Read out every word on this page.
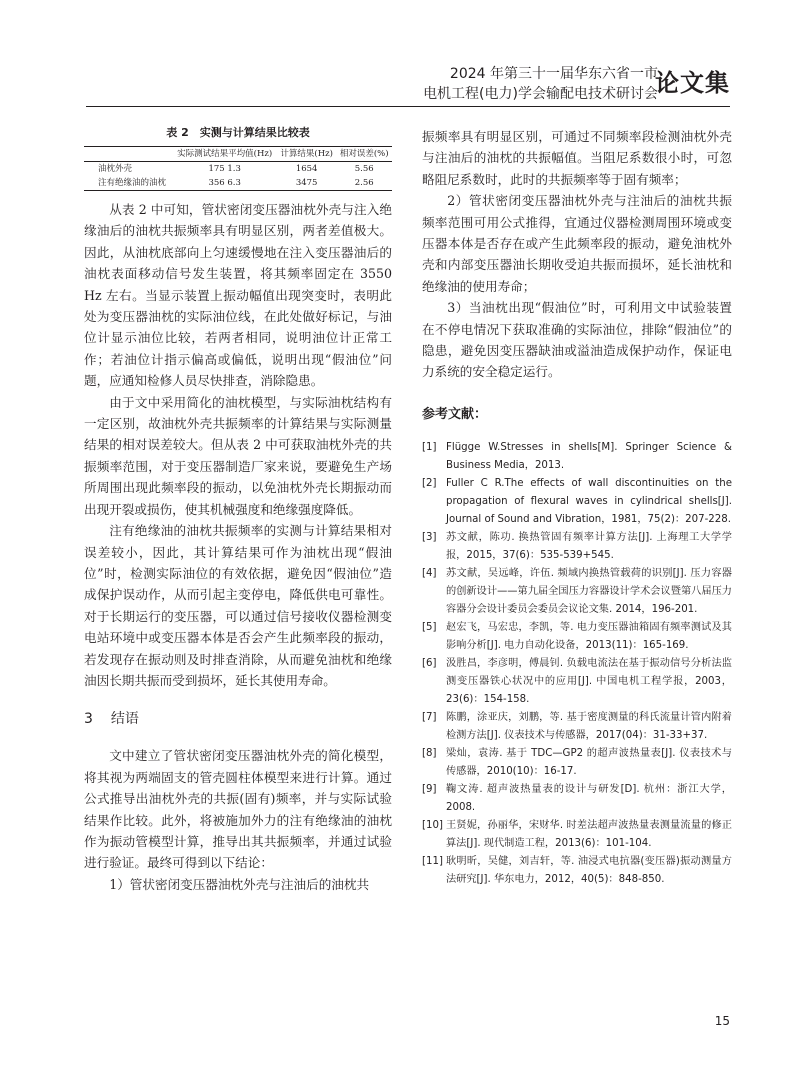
2024 年第三十一届华东六省一市
电机工程(电力)学会输配电技术研讨会
论文集
表 2　实测与计算结果比较表
	实际测试结果平均值(Hz)	计算结果(Hz)	相对误差(%)
油枕外壳	175 1.3	1654	5.56
注有绝缘油的油枕	356 6.3	3475	2.56

从表 2 中可知，管状密闭变压器油枕外壳与注入绝缘油后的油枕共振频率具有明显区别，两者差值极大。因此，从油枕底部向上匀速缓慢地在注入变压器油后的油枕表面移动信号发生装置，将其频率固定在 3550 Hz 左右。当显示装置上振动幅值出现突变时，表明此处为变压器油枕的实际油位线，在此处做好标记，与油位计显示油位比较，若两者相同，说明油位计正常工作；若油位计指示偏高或偏低，说明出现“假油位”问题，应通知检修人员尽快排查，消除隐患。

由于文中采用简化的油枕模型，与实际油枕结构有一定区别，故油枕外壳共振频率的计算结果与实际测量结果的相对误差较大。但从表 2 中可获取油枕外壳的共振频率范围，对于变压器制造厂家来说，要避免生产场所周围出现此频率段的振动，以免油枕外壳长期振动而出现开裂或损伤，使其机械强度和绝缘强度降低。

注有绝缘油的油枕共振频率的实测与计算结果相对误差较小，因此，其计算结果可作为油枕出现“假油位”时，检测实际油位的有效依据，避免因“假油位”造成保护误动作，从而引起主变停电，降低供电可靠性。对于长期运行的变压器，可以通过信号接收仪器检测变电站环境中或变压器本体是否会产生此频率段的振动，若发现存在振动则及时排查消除，从而避免油枕和绝缘油因长期共振而受到损坏，延长其使用寿命。

3 结语

文中建立了管状密闭变压器油枕外壳的简化模型，将其视为两端固支的管壳圆柱体模型来进行计算。通过公式推导出油枕外壳的共振(固有)频率，并与实际试验结果作比较。此外，将被施加外力的注有绝缘油的油枕作为振动管模型计算，推导出其共振频率，并通过试验进行验证。最终可得到以下结论：

1）管状密闭变压器油枕外壳与注油后的油枕共

振频率具有明显区别，可通过不同频率段检测油枕外壳与注油后的油枕的共振幅值。当阻尼系数很小时，可忽略阻尼系数时，此时的共振频率等于固有频率；

2）管状密闭变压器油枕外壳与注油后的油枕共振频率范围可用公式推得，宜通过仪器检测周围环境或变压器本体是否存在或产生此频率段的振动，避免油枕外壳和内部变压器油长期收受迫共振而损坏，延长油枕和绝缘油的使用寿命；

3）当油枕出现“假油位”时，可利用文中试验装置在不停电情况下获取准确的实际油位，排除“假油位”的隐患，避免因变压器缺油或溢油造成保护动作，保证电力系统的安全稳定运行。

参考文献：
[1] Flügge W.Stresses in shells[M]. Springer Science & Business Media，2013.
[2] Fuller C R.The effects of wall discontinuities on the propagation of flexural waves in cylindrical shells[J]. Journal of Sound and Vibration，1981，75(2)：207-228.
[3] 苏文献，陈功. 换热管固有频率计算方法[J]. 上海理工大学学报，2015，37(6)：535-539+545.
[4] 苏文献，吴远峰，许伍. 频域内换热管载荷的识别[J]. 压力容器的创新设计——第九届全国压力容器设计学术会议暨第八届压力容器分会设计委员会委员会议论文集. 2014，196-201.
[5] 赵宏飞，马宏忠，李凯，等. 电力变压器油箱固有频率测试及其影响分析[J]. 电力自动化设备，2013(11)：165-169.
[6] 汲胜昌，李彦明，傅晨钊. 负载电流法在基于振动信号分析法监测变压器铁心状况中的应用[J]. 中国电机工程学报，2003，23(6)：154-158.
[7] 陈鹏，涂亚庆，刘鹏，等. 基于密度测量的科氏流量计管内附着检测方法[J]. 仪表技术与传感器，2017(04)：31-33+37.
[8] 梁灿，袁涛. 基于 TDC—GP2 的超声波热量表[J]. 仪表技术与传感器，2010(10)：16-17.
[9] 鞠文涛. 超声波热量表的设计与研发[D]. 杭州：浙江大学，2008.
[10] 王贤妮，孙丽华，宋财华. 时差法超声波热量表测量流量的修正算法[J]. 现代制造工程，2013(6)：101-104.
[11] 耿明昕，吴健，刘吉轩，等. 油浸式电抗器(变压器)振动测量方法研究[J]. 华东电力，2012，40(5)：848-850.
15
